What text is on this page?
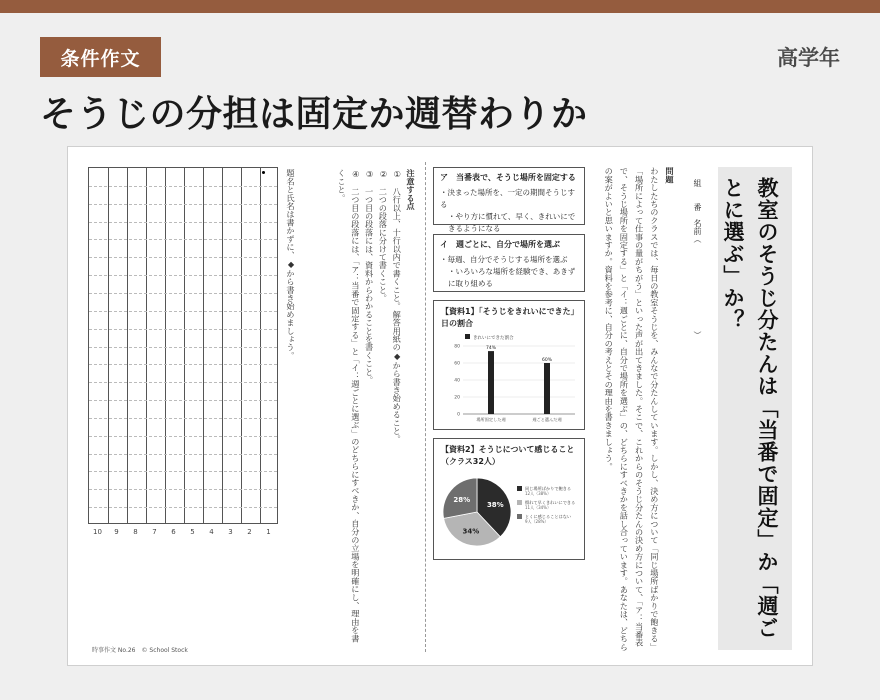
条件作文	高学年
そうじの分担は固定か週替わりか
教室のそうじ分たんは「当番で固定」か「週ごとに選ぶ」か？
組　　番　名前（　　　　　　　　　　　）
問題
わたしたちのクラスでは、毎日の教室そうじを、みんなで分たんしています。しかし、決め方について「同じ場所ばかりで飽きる」「場所によって仕事の量がちがう」といった声が出てきました。そこで、これからのそうじ分たんの決め方について、「ア：当番表で、そうじ場所を固定する」と「イ：週ごとに、自分で場所を選ぶ」の、どちらにすべきかを話し合っています。あなたは、どちらの案がよいと思いますか。資料を参考に、自分の考えとその理由を書きましょう。
ア　当番表で、そうじ場所を固定する
・決まった場所を、一定の期間そうじする
・やり方に慣れて、早く、きれいにできるようになる
イ　週ごとに、自分で場所を選ぶ
・毎週、自分でそうじする場所を選ぶ
・いろいろな場所を経験でき、あきずに取り組める
【資料1】「そうじをきれいにできた」日の割合
きれいにできた割合
0
20
40
60
80	74%
場所固定した週
60%
週ごと選んだ週
【資料2】そうじについて感じること（クラス32人）
38%
34%
28%
同じ場所ばかりで飽きる
12人（38%）
慣れて早くきれいにできる
11人（34%）
とくに感じることはない
9人（28%）
注意する点
①　八行以上、十行以内で書くこと。解答用紙の◆から書き始めること。
②　二つの段落に分けて書くこと。
③　一つ目の段落には、資料からわかることを書くこと。
④　二つ目の段落には、「ア：当番で固定する」と「イ：週ごとに選ぶ」のどちらにすべきか、自分の立場を明確にし、理由を書くこと。
題名と氏名は書かずに、◆から書き始めましょう。
時事作文 No.26　© School Stock
10	9	8	7	6	5	4	3	2	1
